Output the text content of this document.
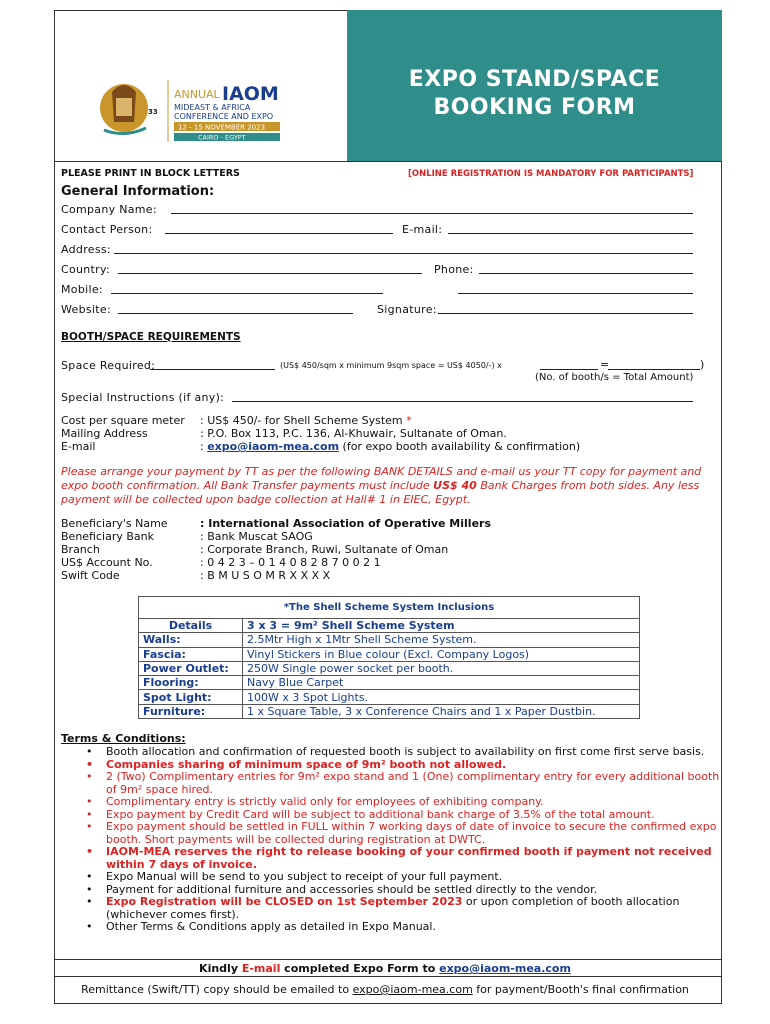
33
ANNUAL IAOM
MIDEAST & AFRICA
CONFERENCE AND EXPO
12 - 15 NOVEMBER 2023
CAIRO - EGYPT
EXPO STAND/SPACE
BOOKING FORM
PLEASE PRINT IN BLOCK LETTERS	[ONLINE REGISTRATION IS MANDATORY FOR PARTICIPANTS]
General Information:
Company Name:
Contact Person:	E-mail:
Address:
Country:	Phone:
Mobile:
Website:	Signature:
BOOTH/SPACE REQUIREMENTS
Space Required:	(US$ 450/sqm x minimum 9sqm space = US$ 4050/-) x	=	)
(No. of booth/s = Total Amount)
Special Instructions (if any):
Cost per square meter : US$ 450/- for Shell Scheme System *
Mailing Address	: P.O. Box 113, P.C. 136, Al-Khuwair, Sultanate of Oman.
E-mail	: expo@iaom-mea.com (for expo booth availability & confirmation)
Please arrange your payment by TT as per the following BANK DETAILS and e-mail us your TT copy for payment and expo booth confirmation. All Bank Transfer payments must include US$ 40 Bank Charges from both sides. Any less payment will be collected upon badge collection at Hall# 1 in EIEC, Egypt.
Beneficiary's Name	: International Association of Operative Millers
Beneficiary Bank	: Bank Muscat SAOG
Branch	: Corporate Branch, Ruwi, Sultanate of Oman
US$ Account No.	: 0 4 2 3 – 0 1 4 0 8 2 8 7 0 0 2 1
Swift Code	: B M U S O M R X X X X
*The Shell Scheme System Inclusions	
Details	3 x 3 = 9m² Shell Scheme System
Walls:	2.5Mtr High x 1Mtr Shell Scheme System.
Fascia:	Vinyl Stickers in Blue colour (Excl. Company Logos)
Power Outlet:	250W Single power socket per booth.
Flooring:	Navy Blue Carpet
Spot Light:	100W x 3 Spot Lights.
Furniture:	1 x Square Table, 3 x Conference Chairs and 1 x Paper Dustbin.
Terms & Conditions:
• Booth allocation and confirmation of requested booth is subject to availability on first come first serve basis.
• Companies sharing of minimum space of 9m² booth not allowed.
• 2 (Two) Complimentary entries for 9m² expo stand and 1 (One) complimentary entry for every additional booth of 9m² space hired.
• Complimentary entry is strictly valid only for employees of exhibiting company.
• Expo payment by Credit Card will be subject to additional bank charge of 3.5% of the total amount.
• Expo payment should be settled in FULL within 7 working days of date of invoice to secure the confirmed expo booth. Short payments will be collected during registration at DWTC.
• IAOM-MEA reserves the right to release booking of your confirmed booth if payment not received within 7 days of invoice.
• Expo Manual will be send to you subject to receipt of your full payment.
• Payment for additional furniture and accessories should be settled directly to the vendor.
• Expo Registration will be CLOSED on 1st September 2023 or upon completion of booth allocation (whichever comes first).
• Other Terms & Conditions apply as detailed in Expo Manual.
Kindly E-mail completed Expo Form to expo@iaom-mea.com
Remittance (Swift/TT) copy should be emailed to expo@iaom-mea.com for payment/Booth's final confirmation
